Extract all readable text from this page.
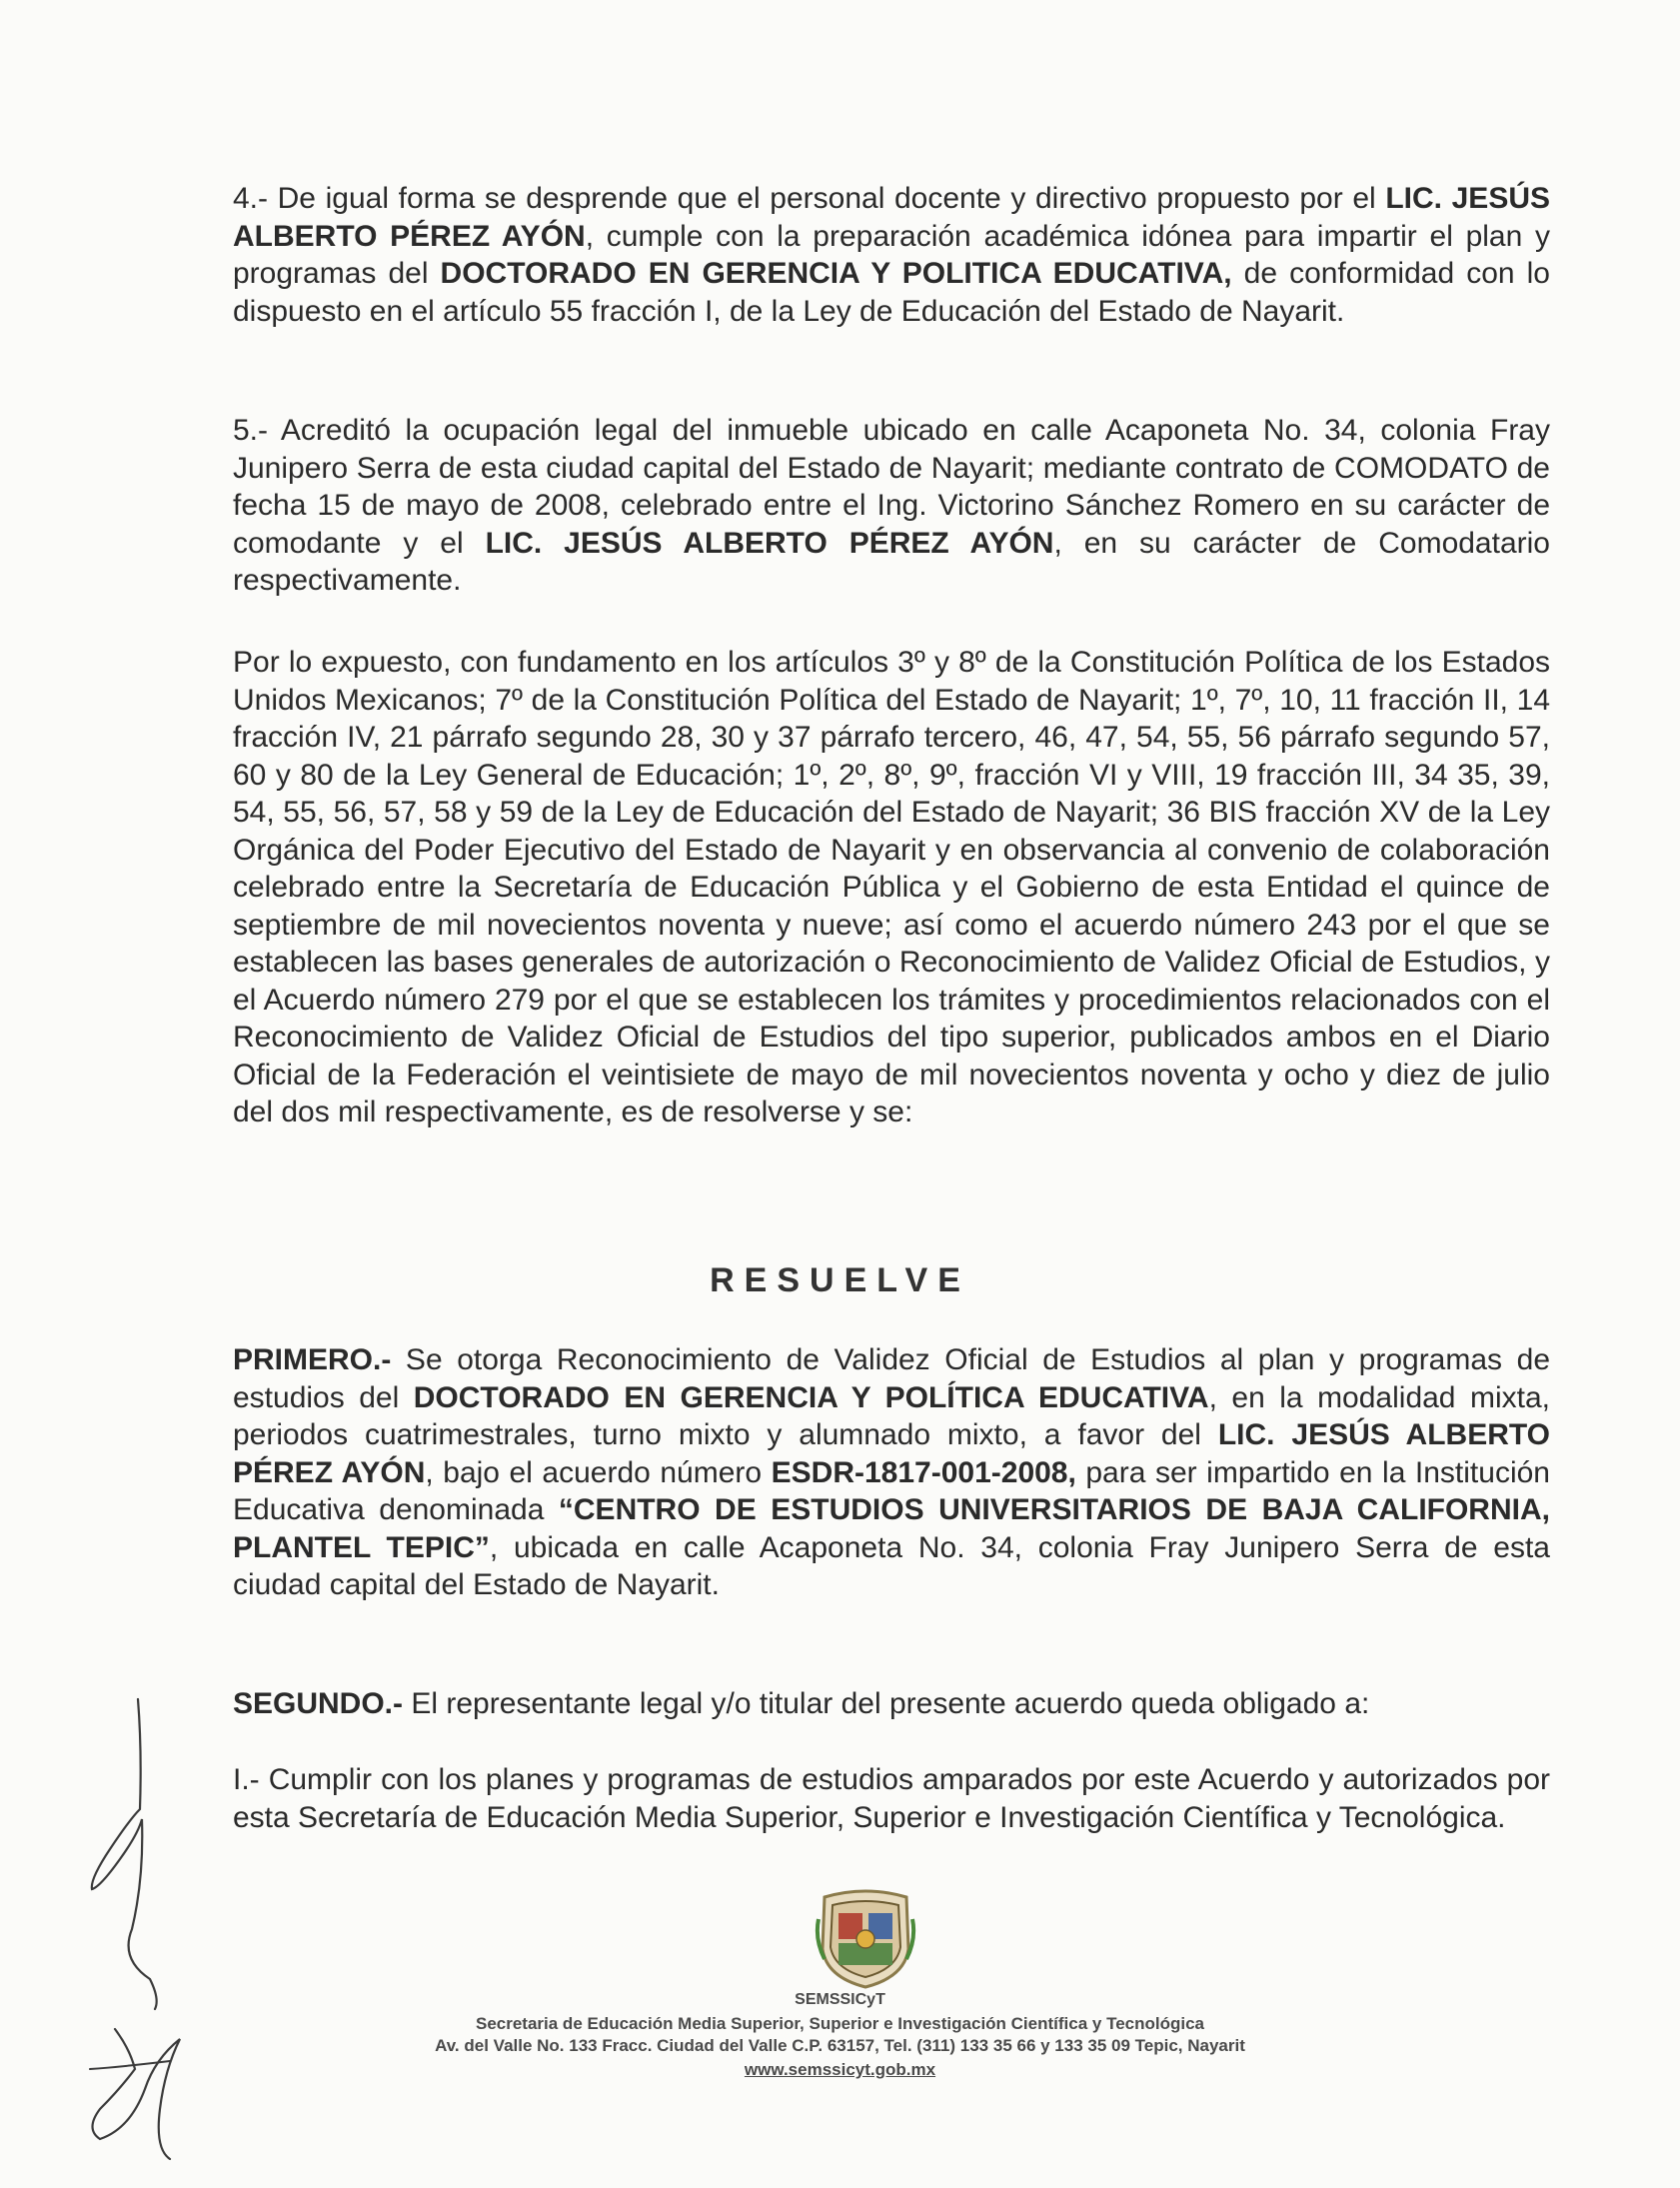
4.- De igual forma se desprende que el personal docente y directivo propuesto por el LIC. JESÚS ALBERTO PÉREZ AYÓN, cumple con la preparación académica idónea para impartir el plan y programas del DOCTORADO EN GERENCIA Y POLITICA EDUCATIVA, de conformidad con lo dispuesto en el artículo 55 fracción I, de la Ley de Educación del Estado de Nayarit.

5.- Acreditó la ocupación legal del inmueble ubicado en calle Acaponeta No. 34, colonia Fray Junipero Serra de esta ciudad capital del Estado de Nayarit; mediante contrato de COMODATO de fecha 15 de mayo de 2008, celebrado entre el Ing. Victorino Sánchez Romero en su carácter de comodante y el LIC. JESÚS ALBERTO PÉREZ AYÓN, en su carácter de Comodatario respectivamente.

Por lo expuesto, con fundamento en los artículos 3º y 8º de la Constitución Política de los Estados Unidos Mexicanos; 7º de la Constitución Política del Estado de Nayarit; 1º, 7º, 10, 11 fracción II, 14 fracción IV, 21 párrafo segundo 28, 30 y 37 párrafo tercero, 46, 47, 54, 55, 56 párrafo segundo 57, 60 y 80 de la Ley General de Educación; 1º, 2º, 8º, 9º, fracción VI y VIII, 19 fracción III, 34 35, 39, 54, 55, 56, 57, 58 y 59 de la Ley de Educación del Estado de Nayarit; 36 BIS fracción XV de la Ley Orgánica del Poder Ejecutivo del Estado de Nayarit y en observancia al convenio de colaboración celebrado entre la Secretaría de Educación Pública y el Gobierno de esta Entidad el quince de septiembre de mil novecientos noventa y nueve; así como el acuerdo número 243 por el que se establecen las bases generales de autorización o Reconocimiento de Validez Oficial de Estudios, y el Acuerdo número 279 por el que se establecen los trámites y procedimientos relacionados con el Reconocimiento de Validez Oficial de Estudios del tipo superior, publicados ambos en el Diario Oficial de la Federación el veintisiete de mayo de mil novecientos noventa y ocho y diez de julio del dos mil respectivamente, es de resolverse y se:

RESUELVE

PRIMERO.- Se otorga Reconocimiento de Validez Oficial de Estudios al plan y programas de estudios del DOCTORADO EN GERENCIA Y POLÍTICA EDUCATIVA, en la modalidad mixta, periodos cuatrimestrales, turno mixto y alumnado mixto, a favor del LIC. JESÚS ALBERTO PÉREZ AYÓN, bajo el acuerdo número ESDR-1817-001-2008, para ser impartido en la Institución Educativa denominada “CENTRO DE ESTUDIOS UNIVERSITARIOS DE BAJA CALIFORNIA, PLANTEL TEPIC”, ubicada en calle Acaponeta No. 34, colonia Fray Junipero Serra de esta ciudad capital del Estado de Nayarit.

SEGUNDO.- El representante legal y/o titular del presente acuerdo queda obligado a:

I.- Cumplir con los planes y programas de estudios amparados por este Acuerdo y autorizados por esta Secretaría de Educación Media Superior, Superior e Investigación Científica y Tecnológica.

SEMSSICyT
Secretaria de Educación Media Superior, Superior e Investigación Científica y Tecnológica
Av. del Valle No. 133 Fracc. Ciudad del Valle C.P. 63157, Tel. (311) 133 35 66 y 133 35 09 Tepic, Nayarit
www.semssicyt.gob.mx
